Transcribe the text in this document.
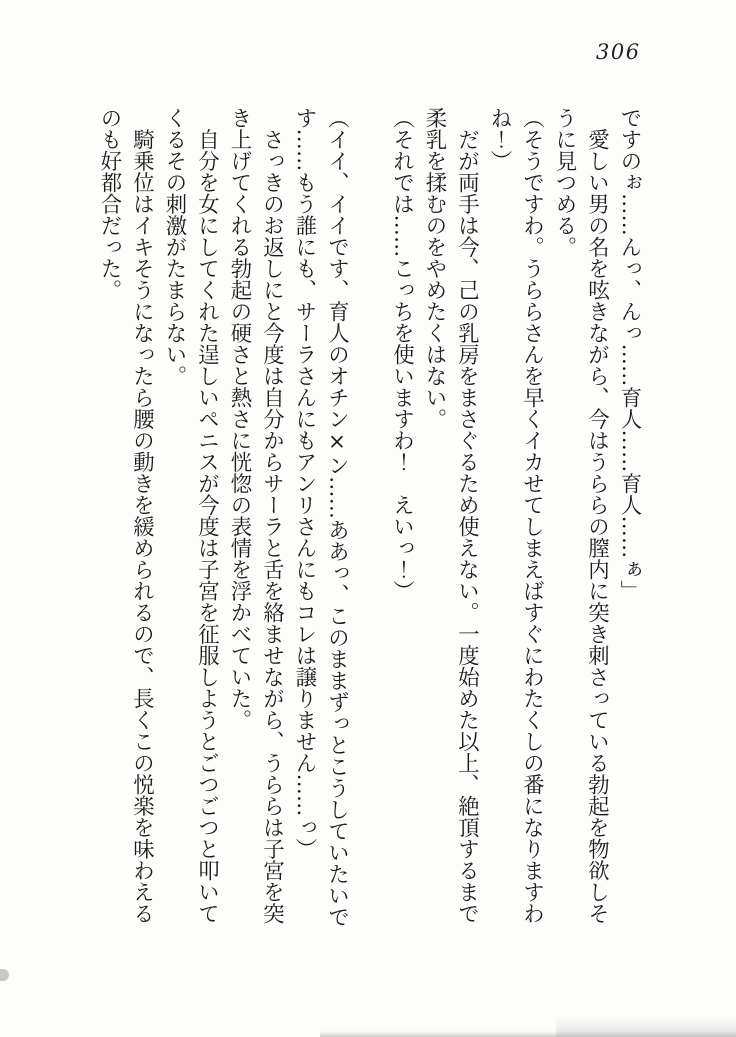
306

ですのぉ……んっ、んっ……育人……育人……ぁ」

　愛しい男の名を呟きながら、今はうららの膣内に突き刺さっている勃起を物欲しそ

うに見つめる。

（そうですわ。うららさんを早くイカせてしまえばすぐにわたくしの番になりますわ

ね！）

　だが両手は今、己の乳房をまさぐるため使えない。一度始めた以上、絶頂するまで

柔乳を揉むのをやめたくはない。

（それでは……こっちを使いますわ！　えいっ！）

（イイ、イイです、育人のオチン×ン……ああっ、このままずっとこうしていたいで

す……もう誰にも、サーラさんにもアンリさんにもコレは譲りません……っ）

　さっきのお返しにと今度は自分からサーラと舌を絡ませながら、うららは子宮を突

き上げてくれる勃起の硬さと熱さに恍惚の表情を浮かべていた。

　自分を女にしてくれた逞しいペニスが今度は子宮を征服しようとごつごつと叩いて

くるその刺激がたまらない。

　騎乗位はイキそうになったら腰の動きを緩められるので、長くこの悦楽を味わえる

のも好都合だった。
